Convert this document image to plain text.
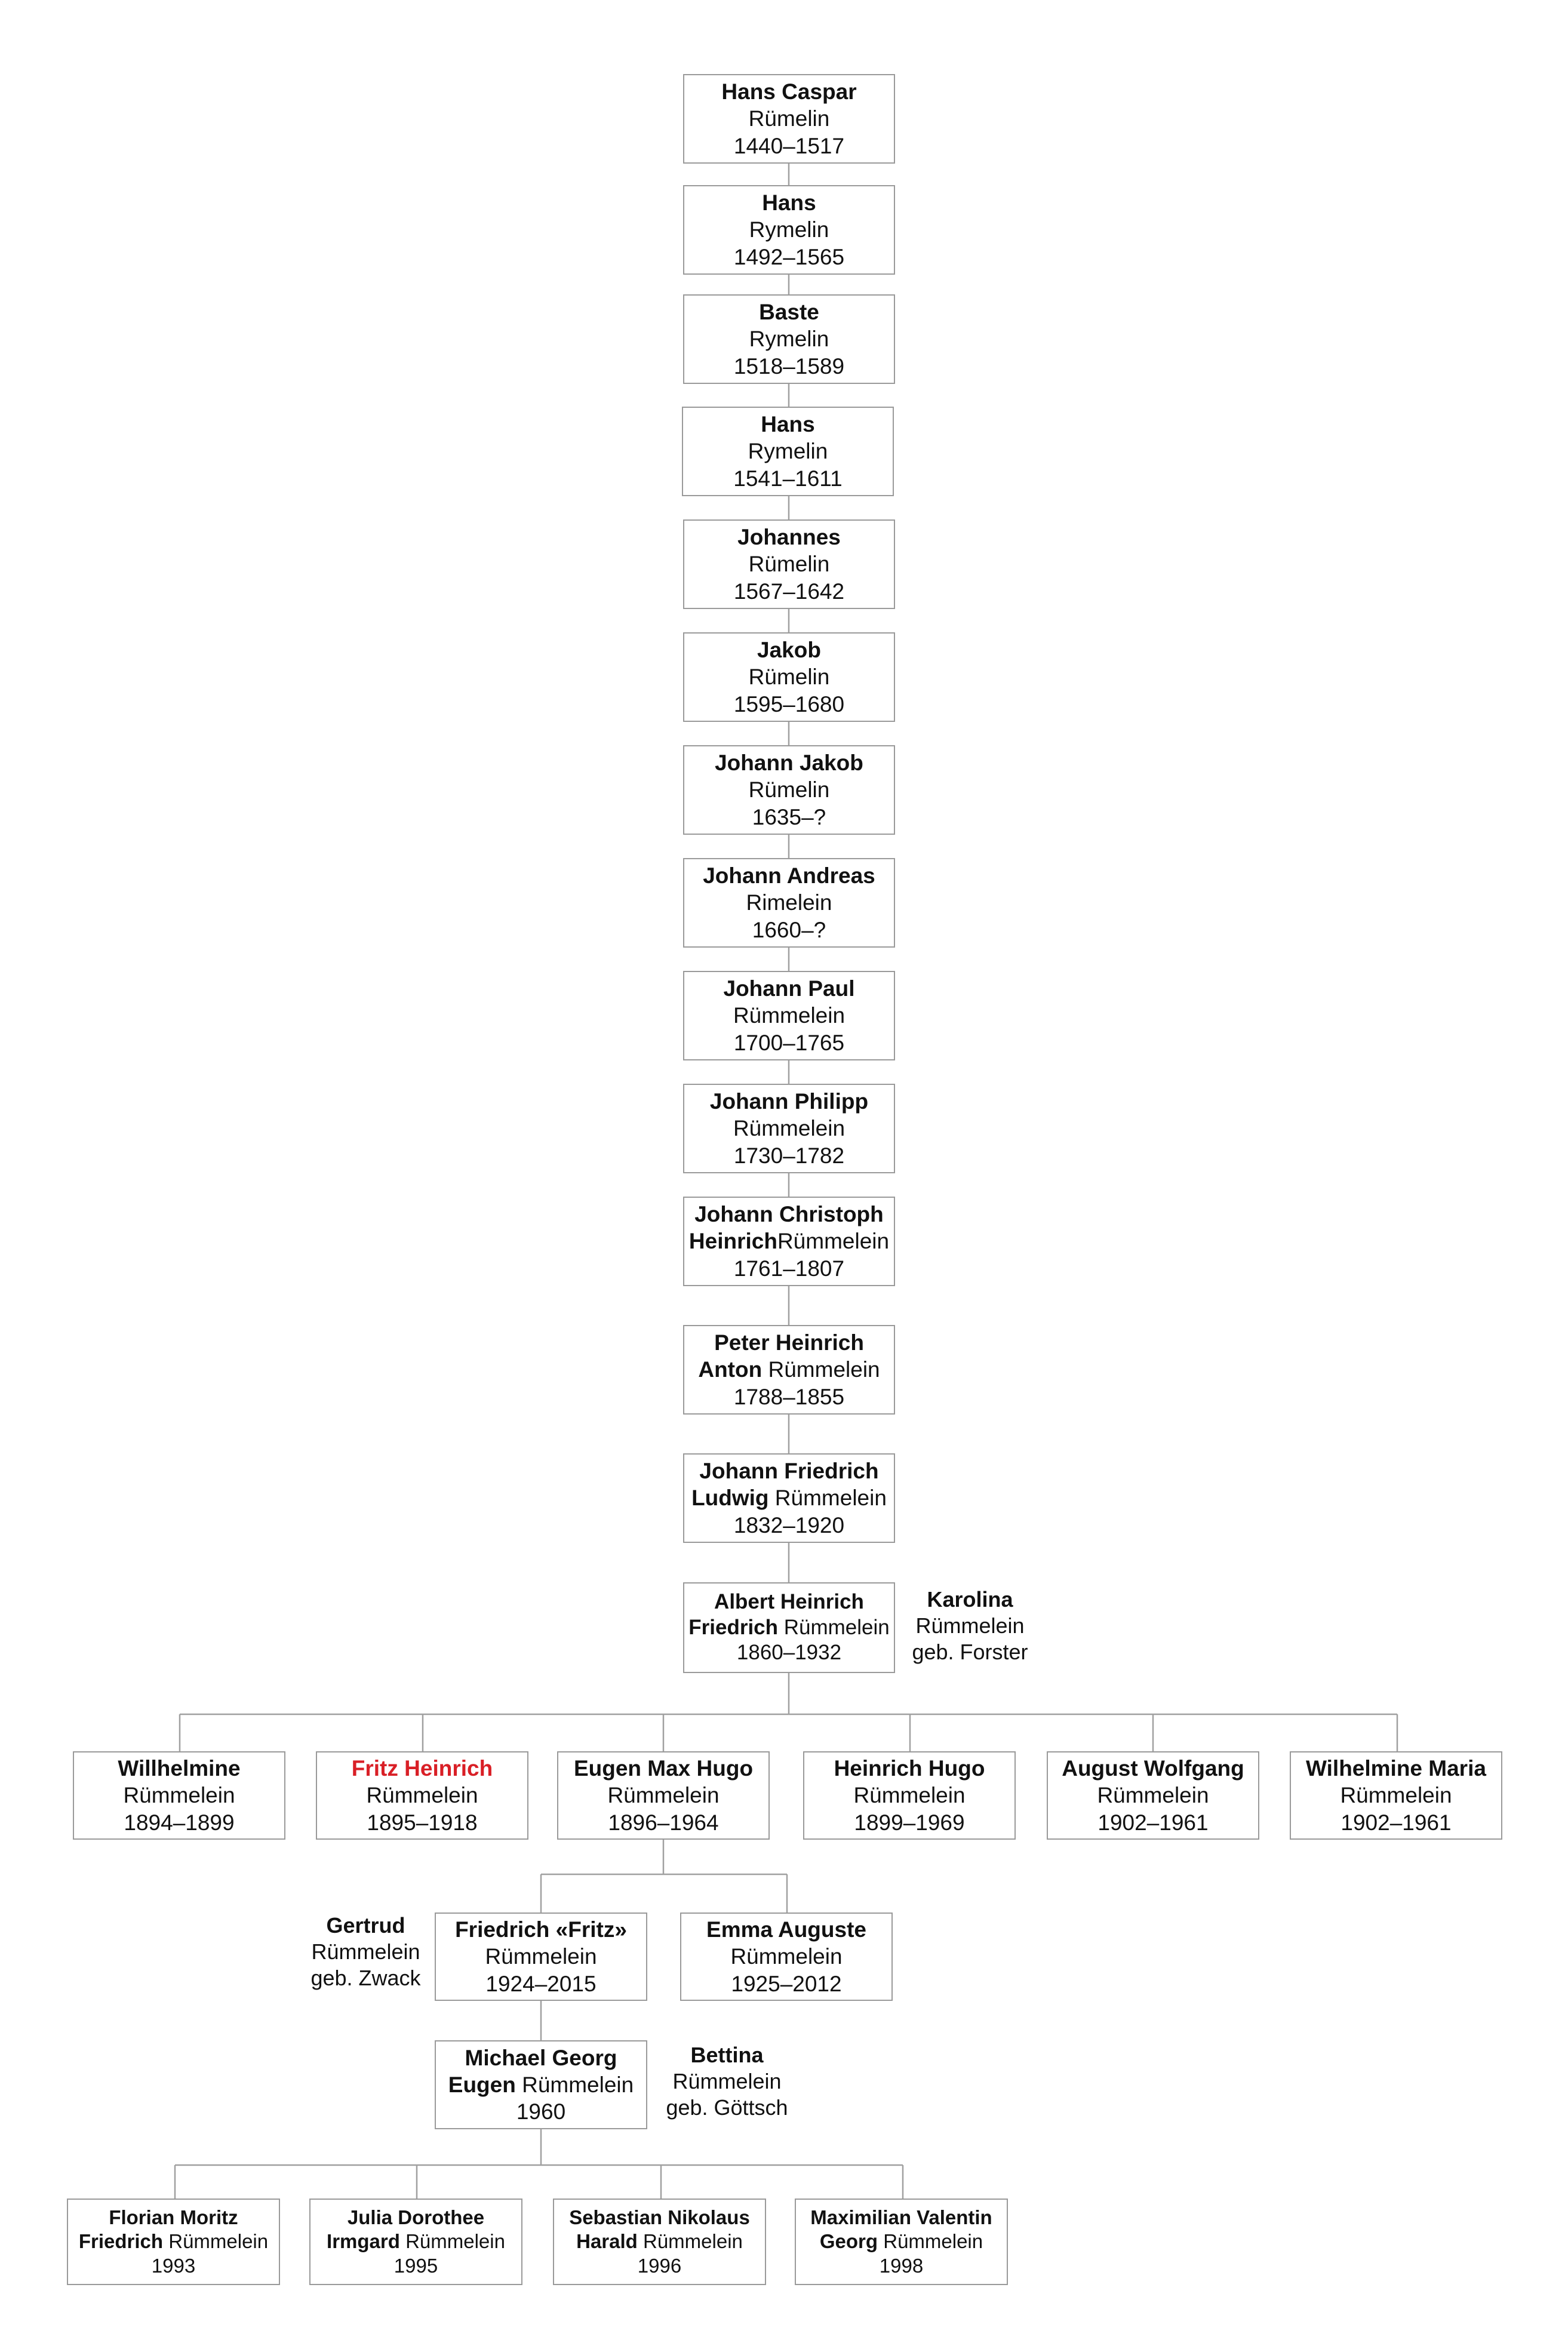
Hans Caspar
Rümelin
1440–1517
Hans
Rymelin
1492–1565
Baste
Rymelin
1518–1589
Hans
Rymelin
1541–1611
Johannes
Rümelin
1567–1642
Jakob
Rümelin
1595–1680
Johann Jakob
Rümelin
1635–?
Johann Andreas
Rimelein
1660–?
Johann Paul
Rümmelein
1700–1765
Johann Philipp
Rümmelein
1730–1782
Johann Christoph
HeinrichRümmelein
1761–1807
Peter Heinrich
Anton Rümmelein
1788–1855
Johann Friedrich
Ludwig Rümmelein
1832–1920
Albert Heinrich
Friedrich Rümmelein
1860–1932
Karolina
Rümmelein
geb. Forster
Willhelmine
Rümmelein
1894–1899
Fritz Heinrich
Rümmelein
1895–1918
Eugen Max Hugo
Rümmelein
1896–1964
Heinrich Hugo
Rümmelein
1899–1969
August Wolfgang
Rümmelein
1902–1961
Wilhelmine Maria
Rümmelein
1902–1961
Gertrud
Rümmelein
geb. Zwack
Friedrich «Fritz»
Rümmelein
1924–2015
Emma Auguste
Rümmelein
1925–2012
Michael Georg
Eugen Rümmelein
1960
Bettina
Rümmelein
geb. Göttsch
Florian Moritz
Friedrich Rümmelein
1993
Julia Dorothee
Irmgard Rümmelein
1995
Sebastian Nikolaus
Harald Rümmelein
1996
Maximilian Valentin
Georg Rümmelein
1998
